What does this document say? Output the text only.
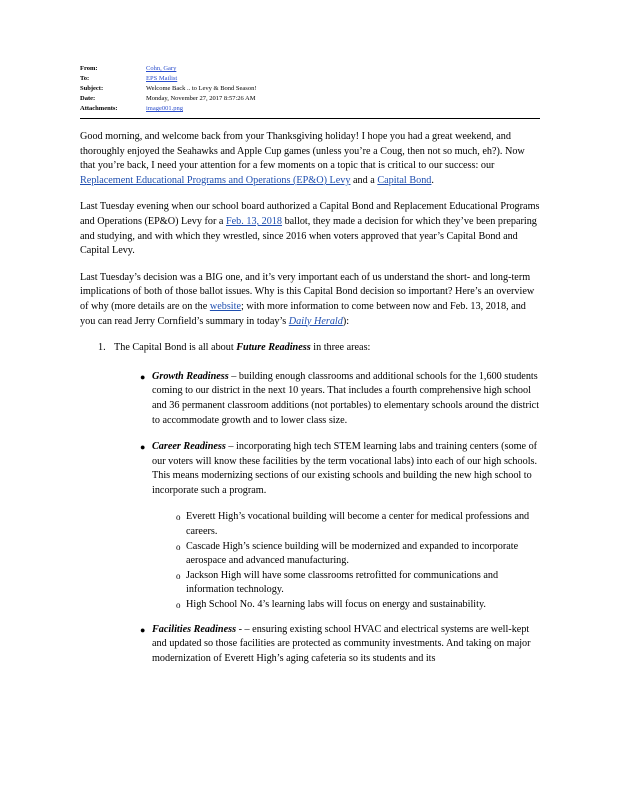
From:	Cohn, Gary
To:	EPS Mailist
Subject:	Welcome Back .. to Levy & Bond Season!
Date:	Monday, November 27, 2017 8:57:26 AM
Attachments:	image001.png

Good morning, and welcome back from your Thanksgiving holiday! I hope you had a great weekend, and thoroughly enjoyed the Seahawks and Apple Cup games (unless you’re a Coug, then not so much, eh?). Now that you’re back, I need your attention for a few moments on a topic that is critical to our success: our Replacement Educational Programs and Operations (EP&O) Levy and a Capital Bond.

Last Tuesday evening when our school board authorized a Capital Bond and Replacement Educational Programs and Operations (EP&O) Levy for a Feb. 13, 2018 ballot, they made a decision for which they’ve been preparing and studying, and with which they wrestled, since 2016 when voters approved that year’s Capital Bond and Capital Levy.

Last Tuesday’s decision was a BIG one, and it’s very important each of us understand the short- and long-term implications of both of those ballot issues. Why is this Capital Bond decision so important? Here’s an overview of why (more details are on the website; with more information to come between now and Feb. 13, 2018, and you can read Jerry Cornfield’s summary in today’s Daily Herald):

1. The Capital Bond is all about Future Readiness in three areas:
● Growth Readiness – building enough classrooms and additional schools for the 1,600 students coming to our district in the next 10 years. That includes a fourth comprehensive high school and 36 permanent classroom additions (not portables) to elementary schools around the district to accommodate growth and to lower class size.
● Career Readiness – incorporating high tech STEM learning labs and training centers (some of our voters will know these facilities by the term vocational labs) into each of our high schools. This means modernizing sections of our existing schools and building the new high school to incorporate such a program.
o Everett High’s vocational building will become a center for medical professions and careers.
o Cascade High’s science building will be modernized and expanded to incorporate aerospace and advanced manufacturing.
o Jackson High will have some classrooms retrofitted for communications and information technology.
o High School No. 4’s learning labs will focus on energy and sustainability.
● Facilities Readiness - – ensuring existing school HVAC and electrical systems are well-kept and updated so those facilities are protected as community investments. And taking on major modernization of Everett High’s aging cafeteria so its students and its
